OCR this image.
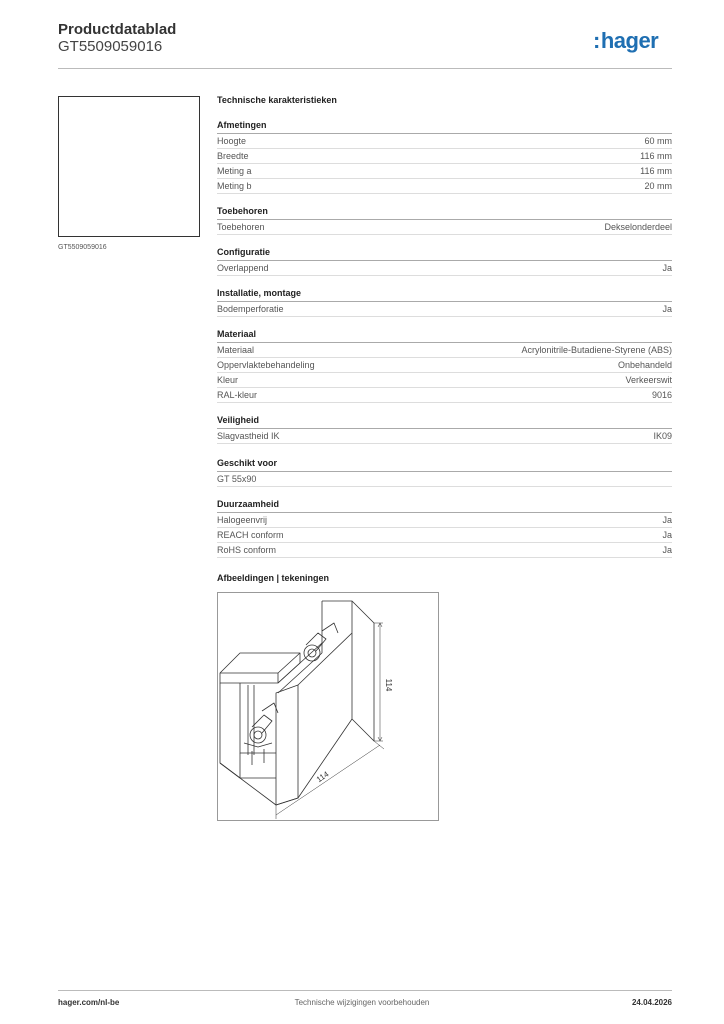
Productdatablad
GT5509059016	:hager
GT5509059016
Technische karakteristieken
Afmetingen
Hoogte	60 mm
Breedte	116 mm
Meting a	116 mm
Meting b	20 mm
Toebehoren
Toebehoren	Dekselonderdeel
Configuratie
Overlappend	Ja
Installatie, montage
Bodemperforatie	Ja
Materiaal
Materiaal	Acrylonitrile-Butadiene-Styrene (ABS)
Oppervlaktebehandeling	Onbehandeld
Kleur	Verkeerswit
RAL-kleur	9016
Veiligheid
Slagvastheid IK	IK09
Geschikt voor
GT 55x90
Duurzaamheid
Halogeenvrij	Ja
REACH conform	Ja
RoHS conform	Ja
Afbeeldingen | tekeningen
114
114
hager.com/nl-be	Technische wijzigingen voorbehouden	24.04.2026
